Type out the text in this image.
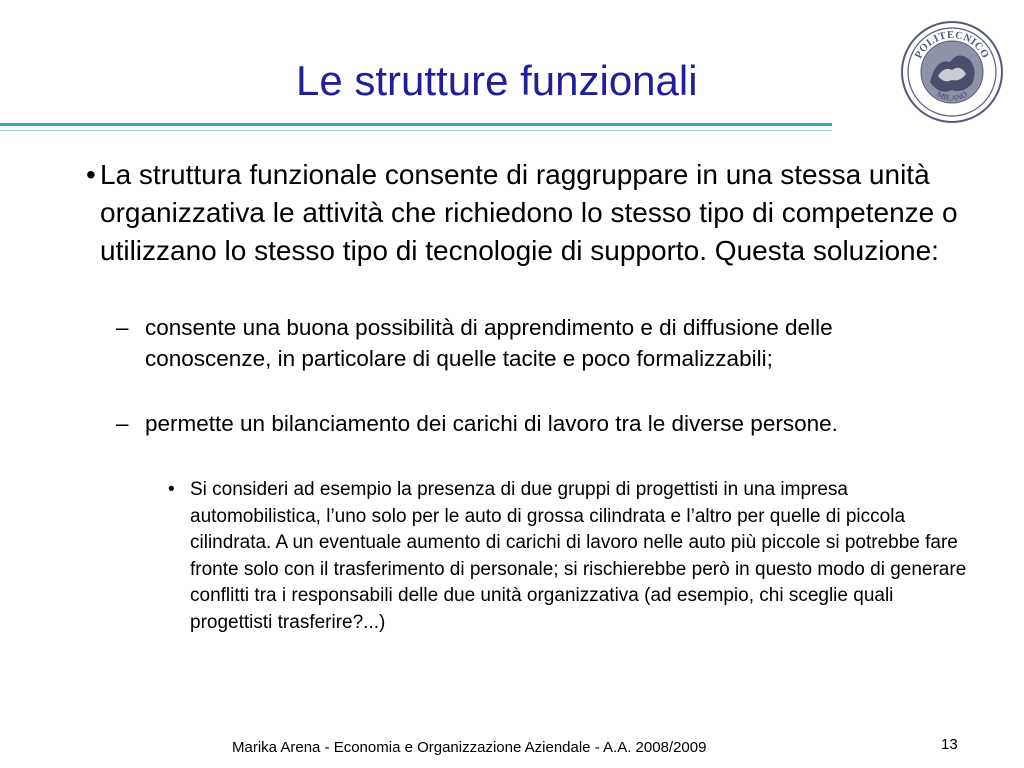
Le strutture funzionali
POLITECNICO
MILANO
• La struttura funzionale consente di raggruppare in una stessa unità organizzativa le attività che richiedono lo stesso tipo di competenze o utilizzano lo stesso tipo di tecnologie di supporto. Questa soluzione:
– consente una buona possibilità di apprendimento e di diffusione delle conoscenze, in particolare di quelle tacite e poco formalizzabili;
– permette un bilanciamento dei carichi di lavoro tra le diverse persone.
• Si consideri ad esempio la presenza di due gruppi di progettisti in una impresa automobilistica, l’uno solo per le auto di grossa cilindrata e l’altro per quelle di piccola cilindrata. A un eventuale aumento di carichi di lavoro nelle auto più piccole si potrebbe fare fronte solo con il trasferimento di personale; si rischierebbe però in questo modo di generare conflitti tra i responsabili delle due unità organizzativa (ad esempio, chi sceglie quali progettisti trasferire?...)
Marika Arena - Economia e Organizzazione Aziendale - A.A. 2008/2009	13
